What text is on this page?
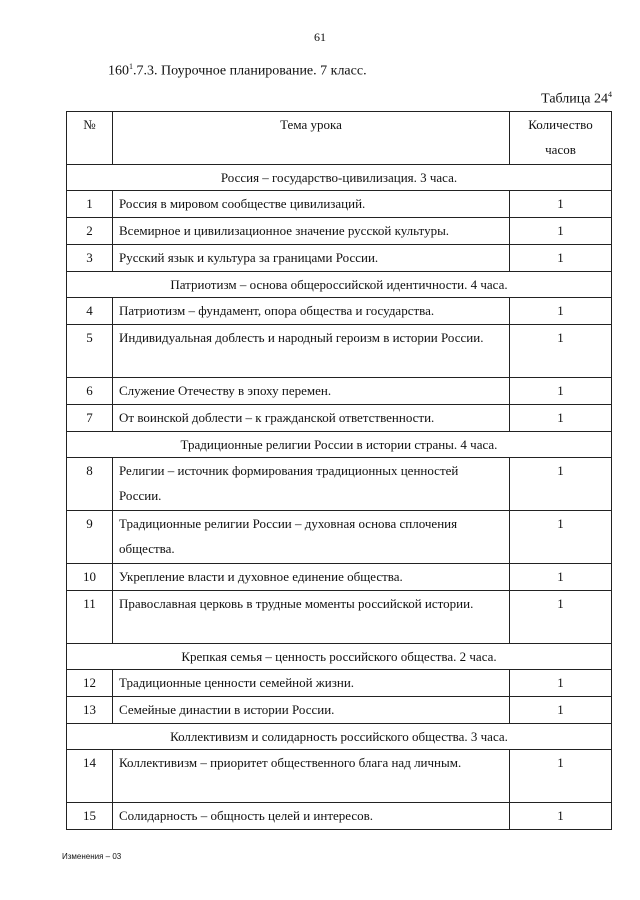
61
$160^1.7.3$. Поурочное планирование. 7 класс.
Таблица $24^4$
№	Тема урока	Количество
часов
Россия – государство-цивилизация. 3 часа.		
1	Россия в мировом сообществе цивилизаций.	1
2	Всемирное и цивилизационное значение русской культуры.	1
3	Русский язык и культура за границами России.	1
Патриотизм – основа общероссийской идентичности. 4 часа.		
4	Патриотизм – фундамент, опора общества и государства.	1
5	Индивидуальная доблесть и народный героизм в истории России.	1
6	Служение Отечеству в эпоху перемен.	1
7	От воинской доблести – к гражданской ответственности.	1
Традиционные религии России в истории страны. 4 часа.		
8	Религии – источник формирования традиционных ценностей России.	1
9	Традиционные религии России – духовная основа сплочения общества.	1
10	Укрепление власти и духовное единение общества.	1
11	Православная церковь в трудные моменты российской истории.	1
Крепкая семья – ценность российского общества. 2 часа.		
12	Традиционные ценности семейной жизни.	1
13	Семейные династии в истории России.	1
Коллективизм и солидарность российского общества. 3 часа.		
14	Коллективизм – приоритет общественного блага над личным.	1
15	Солидарность – общность целей и интересов.	1
Изменения – 03
